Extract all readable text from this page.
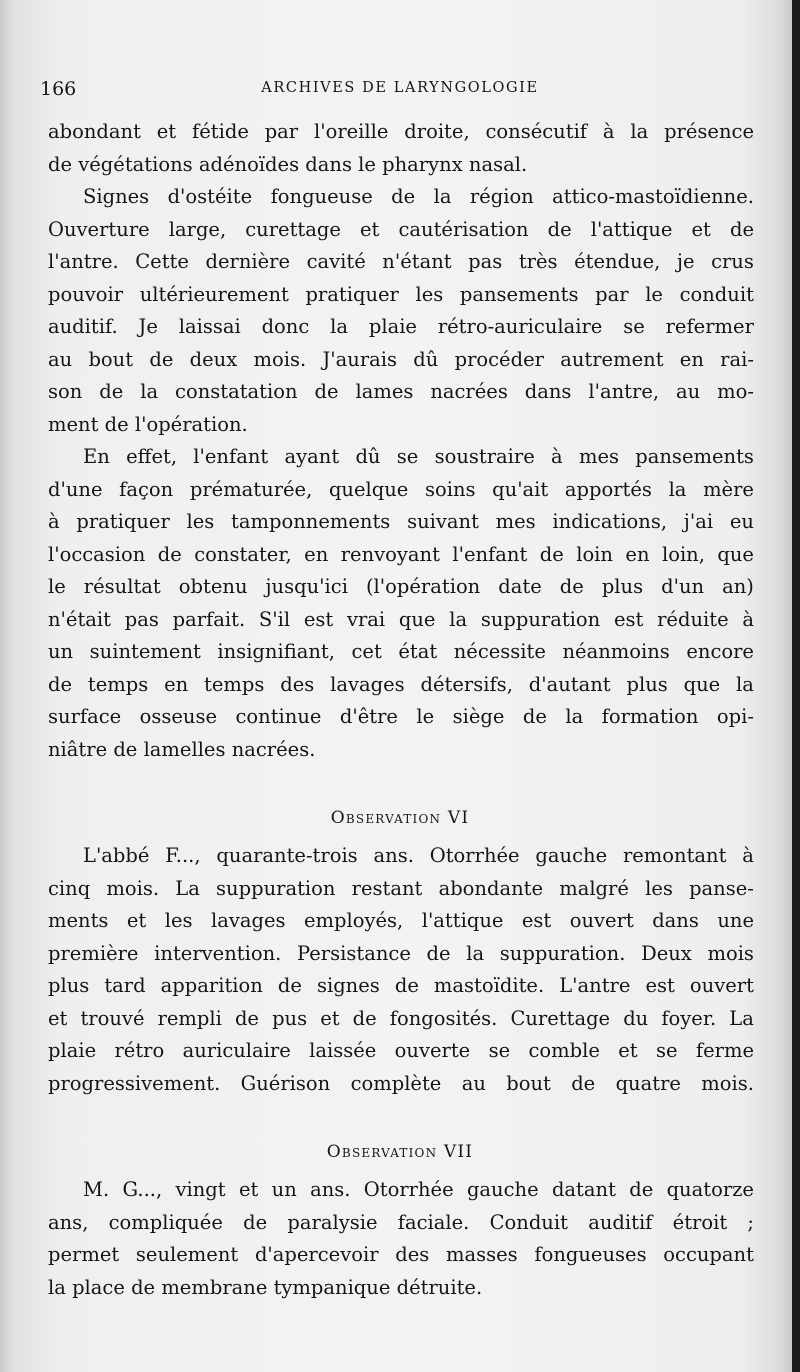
166	ARCHIVES DE LARYNGOLOGIE
abondant et fétide par l'oreille droite, consécutif à la présence
de végétations adénoïdes dans le pharynx nasal.
Signes d'ostéite fongueuse de la région attico-mastoïdienne.
Ouverture large, curettage et cautérisation de l'attique et de
l'antre. Cette dernière cavité n'étant pas très étendue, je crus
pouvoir ultérieurement pratiquer les pansements par le conduit
auditif. Je laissai donc la plaie rétro-auriculaire se refermer
au bout de deux mois. J'aurais dû procéder autrement en rai-
son de la constatation de lames nacrées dans l'antre, au mo-
ment de l'opération.
En effet, l'enfant ayant dû se soustraire à mes pansements
d'une façon prématurée, quelque soins qu'ait apportés la mère
à pratiquer les tamponnements suivant mes indications, j'ai eu
l'occasion de constater, en renvoyant l'enfant de loin en loin, que
le résultat obtenu jusqu'ici (l'opération date de plus d'un an)
n'était pas parfait. S'il est vrai que la suppuration est réduite à
un suintement insignifiant, cet état nécessite néanmoins encore
de temps en temps des lavages détersifs, d'autant plus que la
surface osseuse continue d'être le siège de la formation opi-
niâtre de lamelles nacrées.
Observation VI
L'abbé F..., quarante-trois ans. Otorrhée gauche remontant à
cinq mois. La suppuration restant abondante malgré les panse-
ments et les lavages employés, l'attique est ouvert dans une
première intervention. Persistance de la suppuration. Deux mois
plus tard apparition de signes de mastoïdite. L'antre est ouvert
et trouvé rempli de pus et de fongosités. Curettage du foyer. La
plaie rétro auriculaire laissée ouverte se comble et se ferme
progressivement. Guérison complète au bout de quatre mois.
Observation VII
M. G..., vingt et un ans. Otorrhée gauche datant de quatorze
ans, compliquée de paralysie faciale. Conduit auditif étroit ;
permet seulement d'apercevoir des masses fongueuses occupant
la place de membrane tympanique détruite.
